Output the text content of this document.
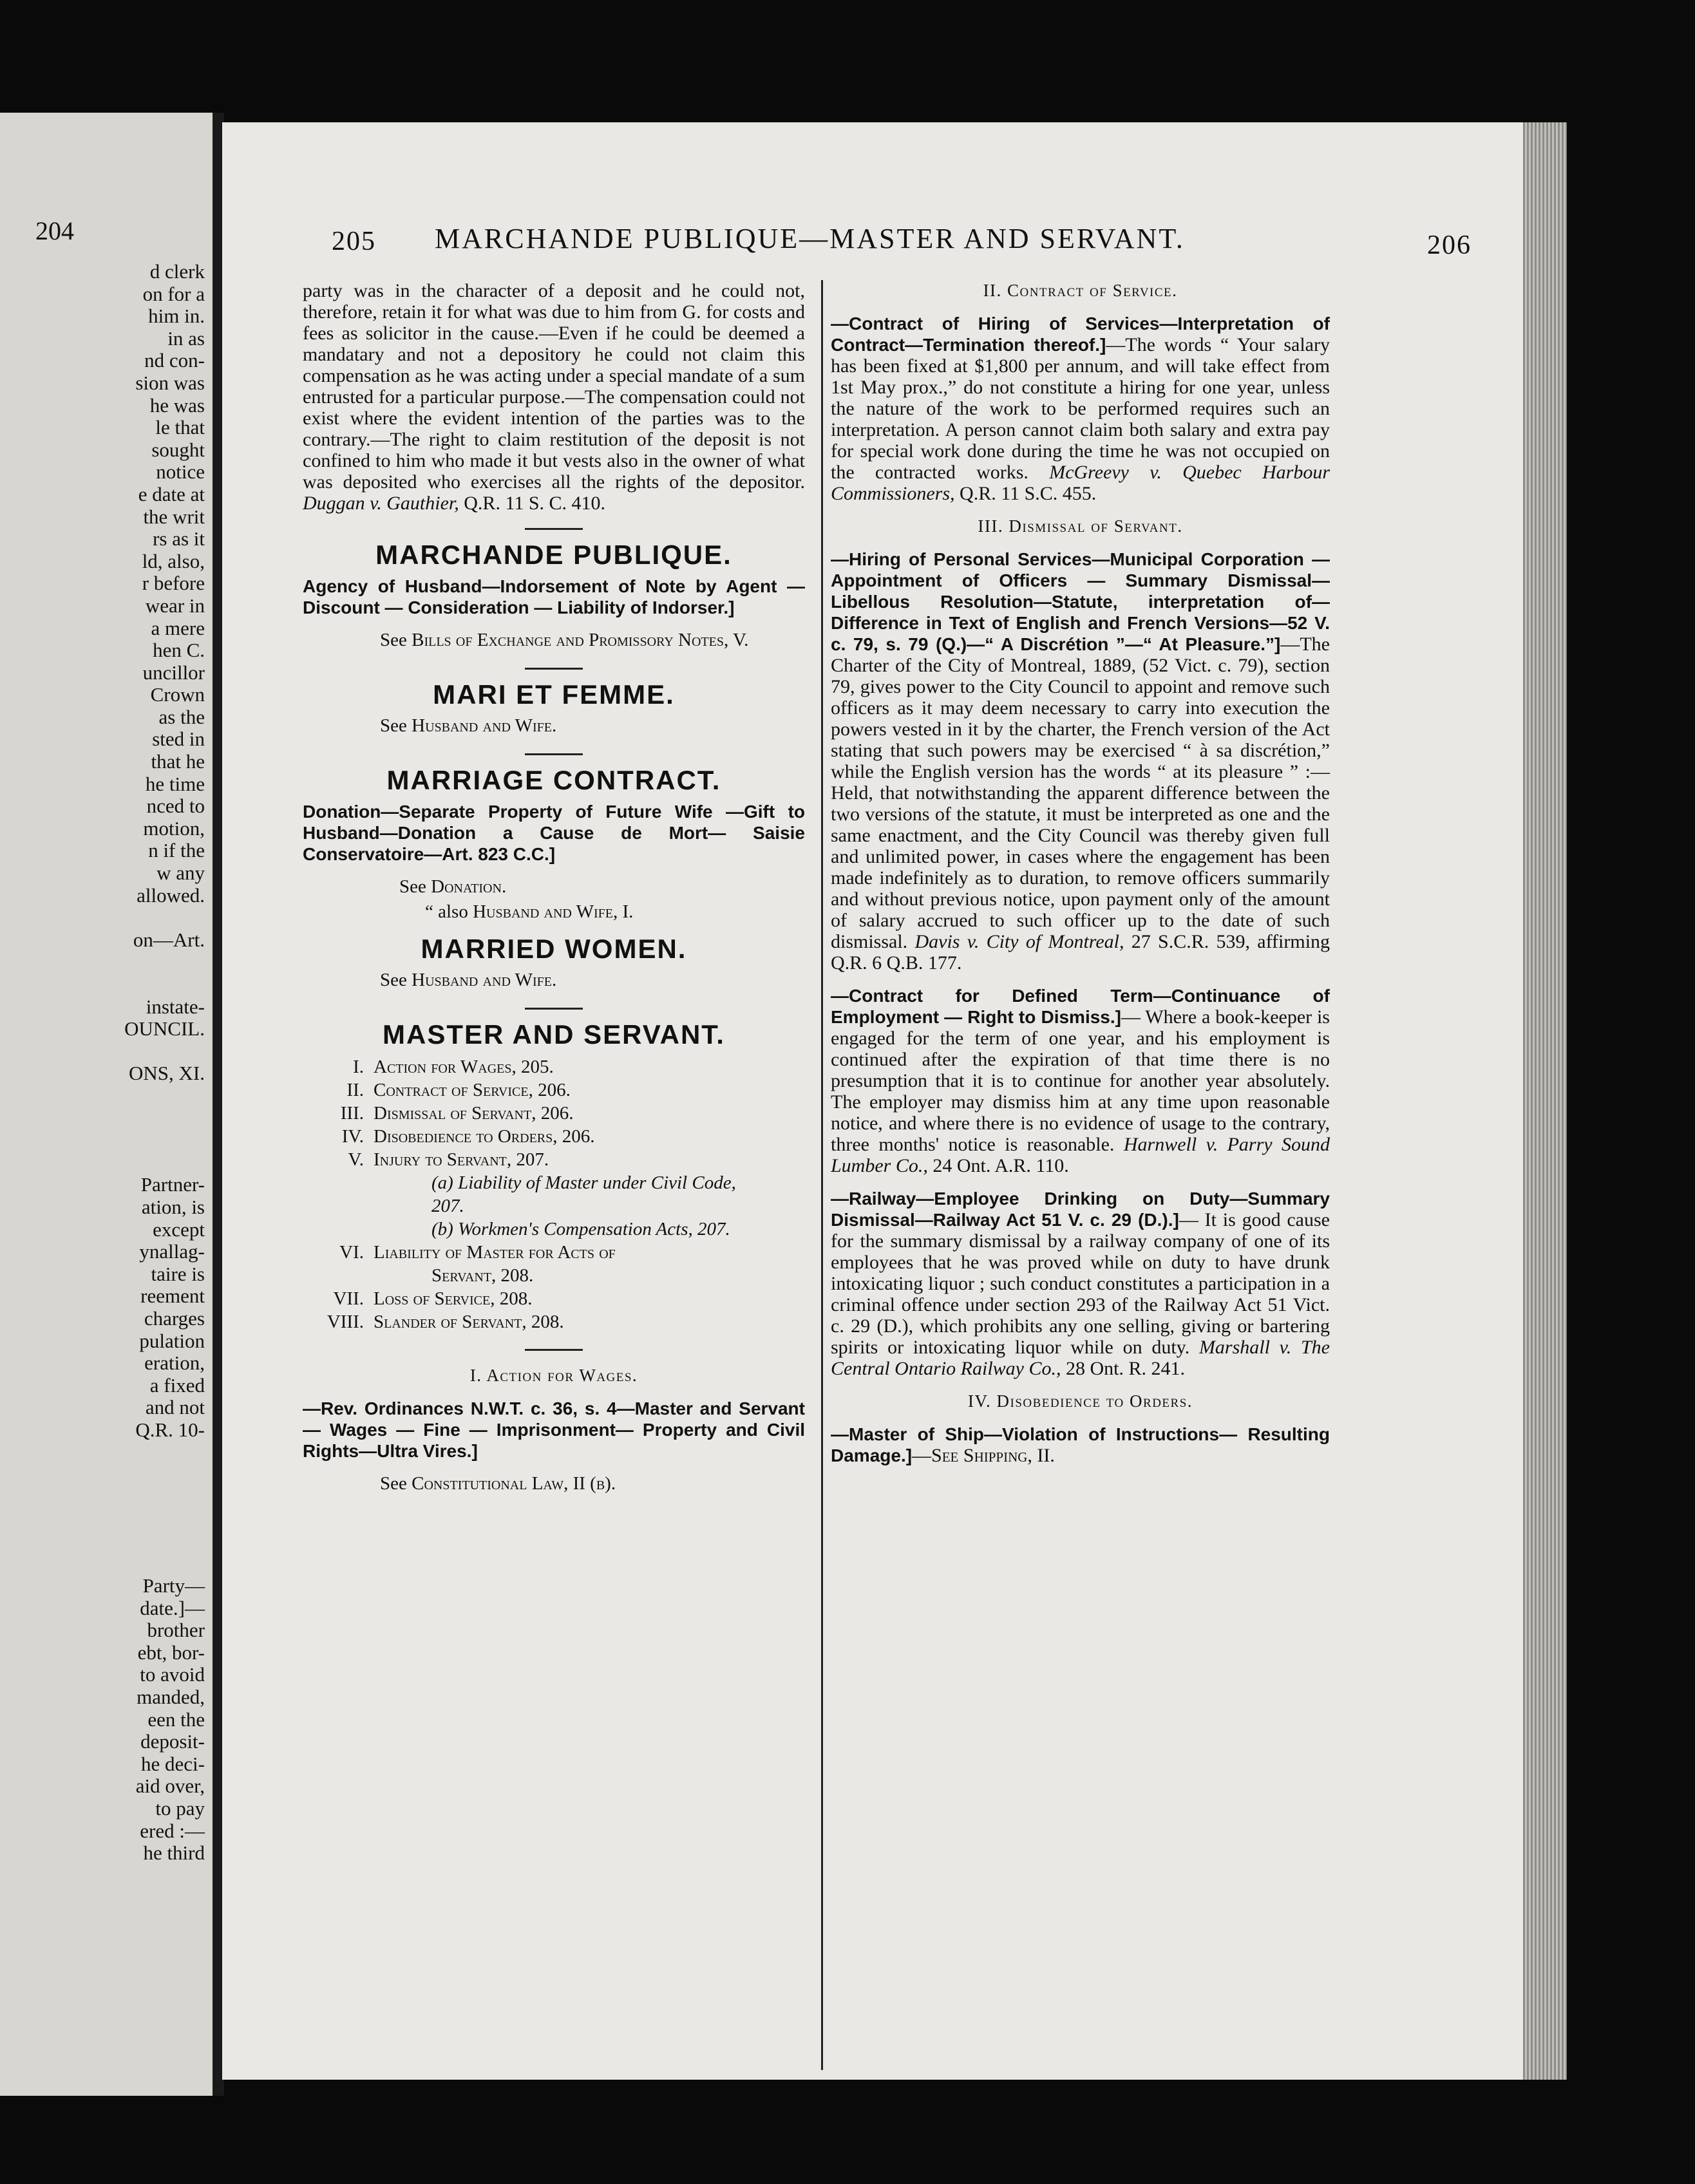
204
d clerk
on for a
him in.
in as
nd con-
sion was
he was
le that
sought
notice
e date at
the writ
rs as it
ld, also,
r before
wear in
a mere
hen C.
uncillor
Crown
as the
sted in
that he
he time
nced to
motion,
n if the
w any
allowed.
on—Art.
instate-
OUNCIL.
ONS, XI.
Partner-
ation, is
except
ynallag-
taire is
reement
charges
pulation
eration,
a fixed
and not
Q.R. 10-
Party—
date.]—
brother
ebt, bor-
to avoid
manded,
een the
deposit-
he deci-
aid over,
to pay
ered :—
he third
205 MARCHANDE PUBLIQUE—MASTER AND SERVANT.	206

party was in the character of a deposit and he could not, therefore, retain it for what was due to him from G. for costs and fees as solicitor in the cause.—Even if he could be deemed a mandatary and not a depository he could not claim this compensation as he was acting under a special mandate of a sum entrusted for a particular purpose.—The compensation could not exist where the evident intention of the parties was to the contrary.—The right to claim restitution of the deposit is not confined to him who made it but vests also in the owner of what was deposited who exercises all the rights of the depositor. Duggan v. Gauthier, Q.R. 11 S. C. 410.

MARCHANDE PUBLIQUE.

Agency of Husband—Indorsement of Note by Agent — Discount — Consideration — Liability of Indorser.]

See Bills of Exchange and Promissory Notes, V.

MARI ET FEMME.

See Husband and Wife.

MARRIAGE CONTRACT.

Donation—Separate Property of Future Wife —Gift to Husband—Donation a Cause de Mort— Saisie Conservatoire—Art. 823 C.C.]

See Donation.

“ also Husband and Wife, I.

MARRIED WOMEN.

See Husband and Wife.

MASTER AND SERVANT.
I. Action for Wages, 205.
II. Contract of Service, 206.
III. Dismissal of Servant, 206.
IV. Disobedience to Orders, 206.
V. Injury to Servant, 207.
(a) Liability of Master under Civil Code,
207.
(b) Workmen's Compensation Acts, 207.
VI. Liability of Master for Acts of
Servant, 208.
VII. Loss of Service, 208.
VIII. Slander of Servant, 208.
I. Action for Wages.

—Rev. Ordinances N.W.T. c. 36, s. 4—Master and Servant — Wages — Fine — Imprisonment— Property and Civil Rights—Ultra Vires.]

See Constitutional Law, II (b).

II. Contract of Service.

—Contract of Hiring of Services—Interpretation of Contract—Termination thereof.]—The words “ Your salary has been fixed at $1,800 per annum, and will take effect from 1st May prox.,” do not constitute a hiring for one year, unless the nature of the work to be performed requires such an interpretation. A person cannot claim both salary and extra pay for special work done during the time he was not occupied on the contracted works. McGreevy v. Quebec Harbour Commissioners, Q.R. 11 S.C. 455.

III. Dismissal of Servant.

—Hiring of Personal Services—Municipal Corporation — Appointment of Officers — Summary Dismissal—Libellous Resolution—Statute, interpretation of—Difference in Text of English and French Versions—52 V. c. 79, s. 79 (Q.)—“ A Discrétion ”—“ At Pleasure.”]—The Charter of the City of Montreal, 1889, (52 Vict. c. 79), section 79, gives power to the City Council to appoint and remove such officers as it may deem necessary to carry into execution the powers vested in it by the charter, the French version of the Act stating that such powers may be exercised “ à sa discrétion,” while the English version has the words “ at its pleasure ” :— Held, that notwithstanding the apparent difference between the two versions of the statute, it must be interpreted as one and the same enactment, and the City Council was thereby given full and unlimited power, in cases where the engagement has been made indefinitely as to duration, to remove officers summarily and without previous notice, upon payment only of the amount of salary accrued to such officer up to the date of such dismissal. Davis v. City of Montreal, 27 S.C.R. 539, affirming Q.R. 6 Q.B. 177.

—Contract for Defined Term—Continuance of Employment — Right to Dismiss.]— Where a book-keeper is engaged for the term of one year, and his employment is continued after the expiration of that time there is no presumption that it is to continue for another year absolutely. The employer may dismiss him at any time upon reasonable notice, and where there is no evidence of usage to the contrary, three months' notice is reasonable. Harnwell v. Parry Sound Lumber Co., 24 Ont. A.R. 110.

—Railway—Employee Drinking on Duty—Summary Dismissal—Railway Act 51 V. c. 29 (D.).]— It is good cause for the summary dismissal by a railway company of one of its employees that he was proved while on duty to have drunk intoxicating liquor ; such conduct constitutes a participation in a criminal offence under section 293 of the Railway Act 51 Vict. c. 29 (D.), which prohibits any one selling, giving or bartering spirits or intoxicating liquor while on duty. Marshall v. The Central Ontario Railway Co., 28 Ont. R. 241.

IV. Disobedience to Orders.

—Master of Ship—Violation of Instructions— Resulting Damage.]—See Shipping, II.
